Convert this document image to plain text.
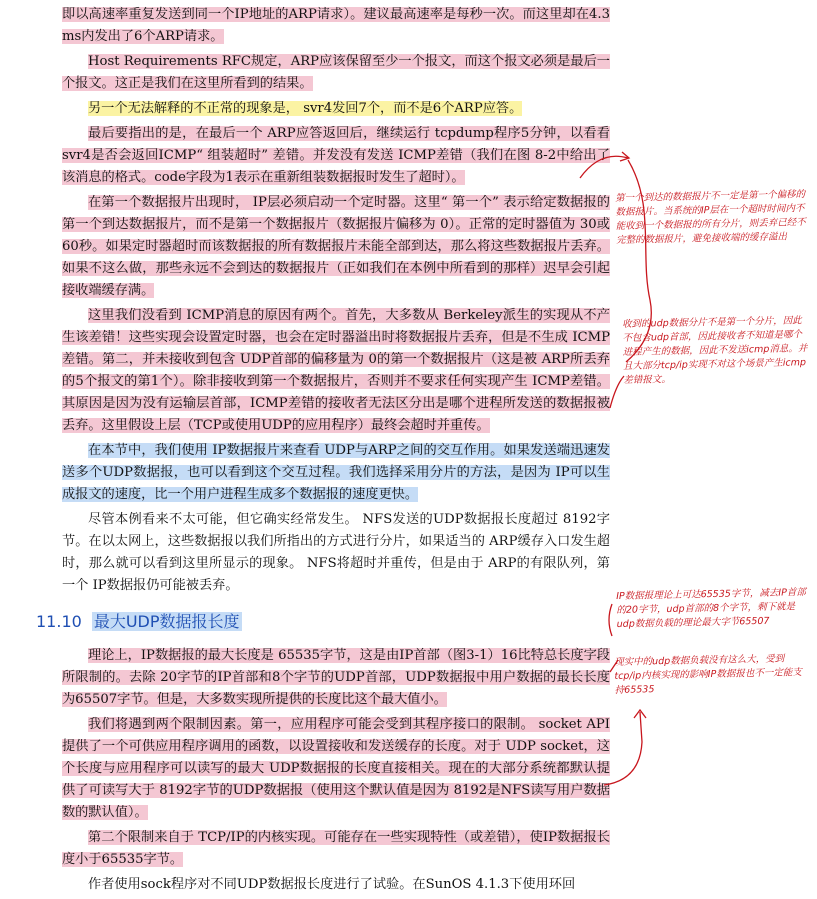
即以高速率重复发送到同一个IP地址的ARP请求）。建议最高速率是每秒一次。而这里却在4.3 ms内发出了6个ARP请求。

Host Requirements RFC规定，ARP应该保留至少一个报文，而这个报文必须是最后一个报文。这正是我们在这里所看到的结果。

另一个无法解释的不正常的现象是， svr4发回7个，而不是6个ARP应答。

最后要指出的是，在最后一个 ARP应答返回后，继续运行 tcpdump程序5分钟，以看看svr4是否会返回ICMP“ 组装超时” 差错。并发没有发送 ICMP差错（我们在图 8-2中给出了该消息的格式。code字段为1表示在重新组装数据报时发生了超时）。

在第一个数据报片出现时， IP层必须启动一个定时器。这里“ 第一个” 表示给定数据报的第一个到达数据报片，而不是第一个数据报片（数据报片偏移为 0）。正常的定时器值为 30或60秒。如果定时器超时而该数据报的所有数据报片未能全部到达，那么将这些数据报片丢弃。如果不这么做，那些永远不会到达的数据报片（正如我们在本例中所看到的那样）迟早会引起接收端缓存满。

这里我们没看到 ICMP消息的原因有两个。首先，大多数从 Berkeley派生的实现从不产生该差错！这些实现会设置定时器，也会在定时器溢出时将数据报片丢弃，但是不生成 ICMP差错。第二，并未接收到包含 UDP首部的偏移量为 0的第一个数据报片（这是被 ARP所丢弃的5个报文的第1个）。除非接收到第一个数据报片，否则并不要求任何实现产生 ICMP差错。其原因是因为没有运输层首部，ICMP差错的接收者无法区分出是哪个进程所发送的数据报被丢弃。这里假设上层（TCP或使用UDP的应用程序）最终会超时并重传。

在本节中，我们使用 IP数据报片来查看 UDP与ARP之间的交互作用。如果发送端迅速发送多个UDP数据报，也可以看到这个交互过程。我们选择采用分片的方法，是因为 IP可以生成报文的速度，比一个用户进程生成多个数据报的速度更快。

尽管本例看来不太可能，但它确实经常发生。 NFS发送的UDP数据报长度超过 8192字节。在以太网上，这些数据报以我们所指出的方式进行分片，如果适当的 ARP缓存入口发生超时，那么就可以看到这里所显示的现象。 NFS将超时并重传，但是由于 ARP的有限队列，第一个 IP数据报仍可能被丢弃。

11.10 最大UDP数据报长度

理论上，IP数据报的最大长度是 65535字节，这是由IP首部（图3-1）16比特总长度字段所限制的。去除 20字节的IP首部和8个字节的UDP首部，UDP数据报中用户数据的最长长度为65507字节。但是，大多数实现所提供的长度比这个最大值小。

我们将遇到两个限制因素。第一，应用程序可能会受到其程序接口的限制。 socket API提供了一个可供应用程序调用的函数，以设置接收和发送缓存的长度。对于 UDP socket，这个长度与应用程序可以读写的最大 UDP数据报的长度直接相关。现在的大部分系统都默认提供了可读写大于 8192字节的UDP数据报（使用这个默认值是因为 8192是NFS读写用户数据数的默认值）。

第二个限制来自于 TCP/IP的内核实现。可能存在一些实现特性（或差错），使IP数据报长度小于65535字节。

作者使用sock程序对不同UDP数据报长度进行了试验。在SunOS 4.1.3下使用环回

第一个到达的数据报片不一定是第一个偏移的数据报片。当系统的IP层在一个超时时间内不能收到一个数据报的所有分片，则丢弃已经不完整的数据报片，避免接收端的缓存溢出
收到的udp数据分片不是第一个分片，因此不包含udp首部，因此接收者不知道是哪个进程产生的数据，因此不发送icmp消息。并且大部分tcp/ip实现不对这个场景产生icmp差错报文。
IP数据报理论上可达65535字节，减去IP首部的20字节，udp首部的8个字节，剩下就是udp数据负载的理论最大字节65507
现实中的udp数据负载没有这么大，受到tcp/ip内核实现的影响IP数据报也不一定能支持65535
